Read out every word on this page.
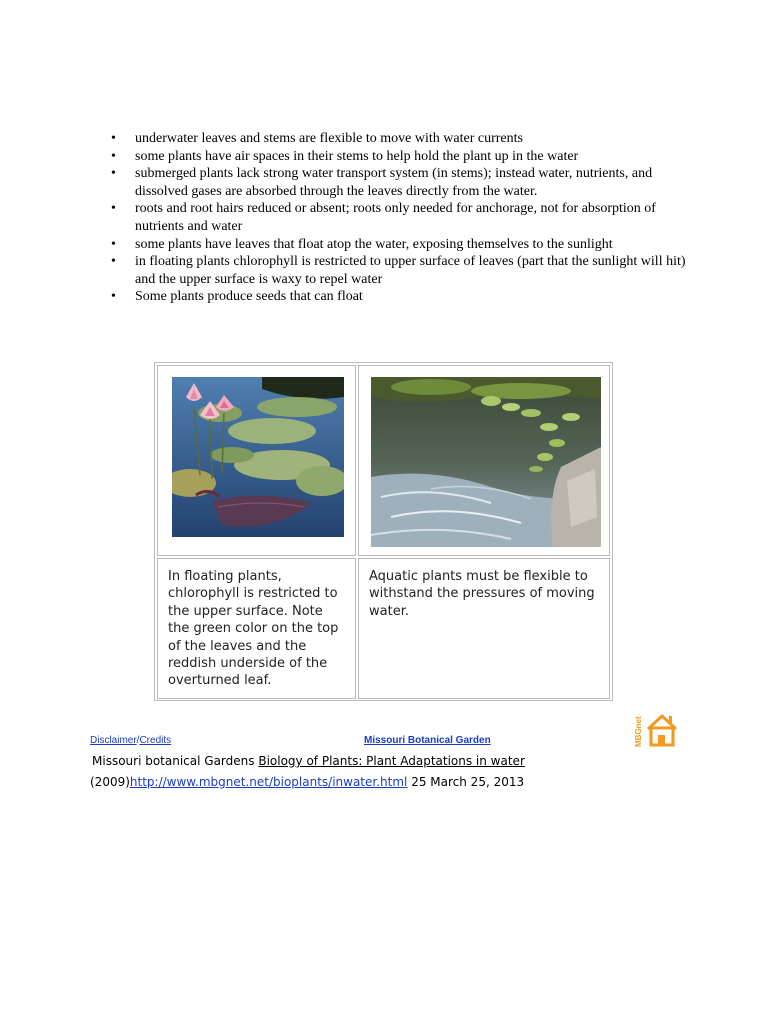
• underwater leaves and stems are flexible to move with water currents
• some plants have air spaces in their stems to help hold the plant up in the water
• submerged plants lack strong water transport system (in stems); instead water, nutrients, and dissolved gases are absorbed through the leaves directly from the water.
• roots and root hairs reduced or absent; roots only needed for anchorage, not for absorption of nutrients and water
• some plants have leaves that float atop the water, exposing themselves to the sunlight
• in floating plants chlorophyll is restricted to upper surface of leaves (part that the sunlight will hit) and the upper surface is waxy to repel water
• Some plants produce seeds that can float
In floating plants, chlorophyll is restricted to the upper surface. Note the green color on the top of the leaves and the reddish underside of the overturned leaf.
Aquatic plants must be flexible to withstand the pressures of moving water.
Disclaimer/Credits	Missouri Botanical Garden	MBGnet
Missouri botanical Gardens Biology of Plants: Plant Adaptations in water
(2009)http://www.mbgnet.net/bioplants/inwater.html 25 March 25, 2013
